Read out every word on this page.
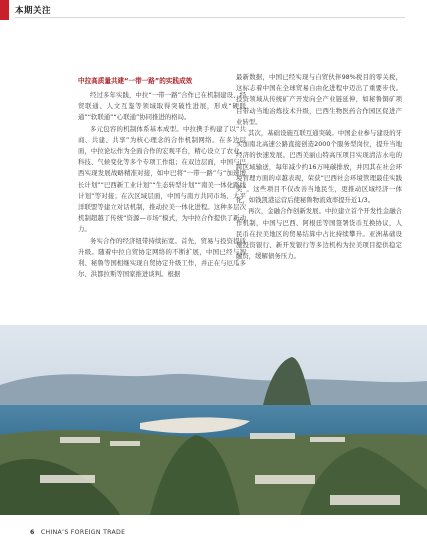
本期关注
中拉高质量共建“一带一路”的实践成效

经过多年实践，中拉“一带一路”合作已在机制建设、经贸联通、人文互鉴等领域取得突破性进展，形成“硬联通”“软联通”“心联通”协同推进的格局。

多元包容的机制体系基本成型。中拉携手构建了以“共商、共建、共享”为核心理念的合作机制网络。在多边层面，中拉论坛作为全面合作的宏观平台，精心设立了农业、科技、气候变化等多个专项工作组；在双边层面，中国与巴西实现发展战略精准对接，如中巴将“一带一路”与“加速增长计划”“巴西新工业计划”“生态转型计划”“南美一体化路线计划”等对接；在次区域层面，中国与南方共同市场、太平洋联盟等建立对话机制，推动拉美一体化进程。这种多层次机制超越了传统“资源—市场”模式，为中拉合作提供了新动力。

务实合作的经济纽带持续拓宽。首先，贸易与投资提质升级。随着中拉自贸协定网络的不断扩展，中国已经与智利、秘鲁等国相继实现自贸协定升级工作，并正在与厄瓜多尔、洪都拉斯等国家推进谈判。根据

最新数据，中国已经实现与自贸伙伴98%税目的零关税，这标志着中国在全球贸易自由化进程中迈出了重要步伐。投资领域从传统矿产开发向全产业链延伸，如秘鲁铜矿项目带动当地冶炼技术升级，巴西生物医药合作园区促进产业转型。

其次，基础设施互联互通突破。中国企业参与建设的牙买加南北高速公路直接创造2000个服务型岗位，提升当地经济的快速发展。巴西美丽山特高压项目实现清洁水电的跨区域输送，每年减少约16万吨碳排放，并因其在社会环境管理方面的卓越表现，荣获“巴西社会环境管理最佳实践奖”。这些项目不仅改善当地民生，更推动区域经济一体化，如钱凯港运营后使秘鲁物流效率提升近1/3。

再次，金融合作创新发展。中拉建立首个开发性金融合作机制，中国与巴西、阿根廷等国签署货币互换协议，人民币在拉美地区的贸易结算中占比持续攀升。亚洲基础设施投资银行、新开发银行等多边机构为拉美项目提供稳定融资，缓解债务压力。

6 CHINA’S FOREIGN TRADE
